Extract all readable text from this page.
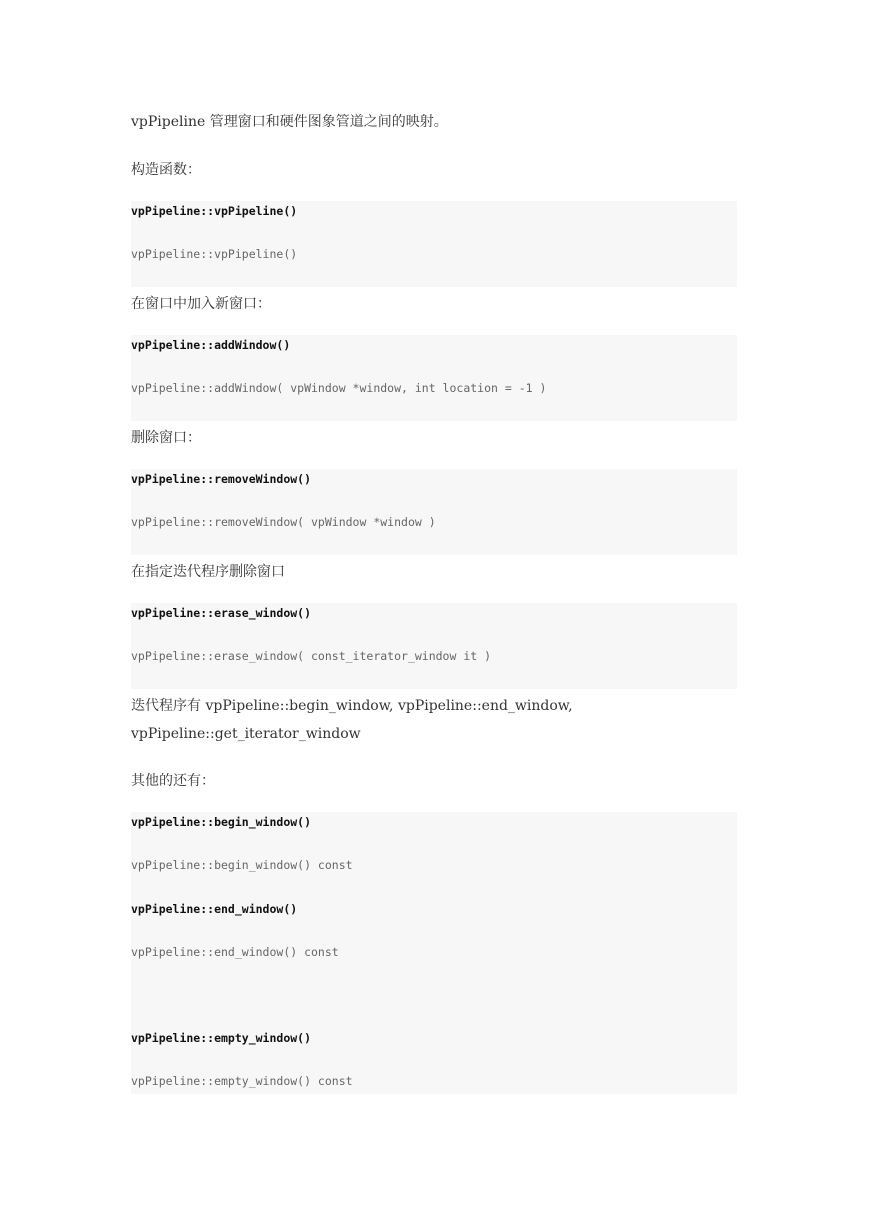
vpPipeline 管理窗口和硬件图象管道之间的映射。
构造函数：
vpPipeline::vpPipeline()
vpPipeline::vpPipeline()
在窗口中加入新窗口：
vpPipeline::addWindow()
vpPipeline::addWindow( vpWindow *window, int location = -1 )
删除窗口：
vpPipeline::removeWindow()
vpPipeline::removeWindow( vpWindow *window )
在指定迭代程序删除窗口
vpPipeline::erase_window()
vpPipeline::erase_window( const_iterator_window it )
迭代程序有 vpPipeline::begin_window, vpPipeline::end_window,
vpPipeline::get_iterator_window
其他的还有：
vpPipeline::begin_window()
vpPipeline::begin_window() const
vpPipeline::end_window()
vpPipeline::end_window() const
vpPipeline::empty_window()
vpPipeline::empty_window() const
